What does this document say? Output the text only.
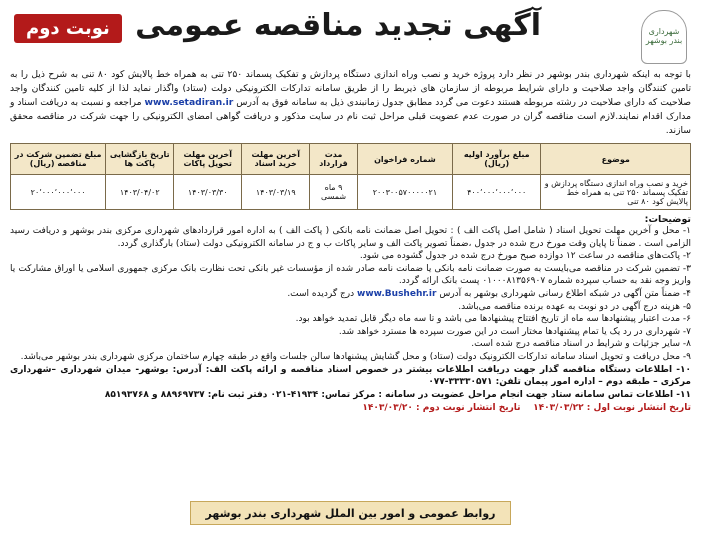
شهرداری بندر بوشهر
آگهی تجدید مناقصه عمومی
نوبت دوم
با توجه به اینکه شهرداری بندر بوشهر در نظر دارد پروژه خرید و نصب وراه اندازی دستگاه پردازش و تفکیک پسماند ۲۵۰ تنی به همراه خط پالایش کود ۸۰ تنی به شرح ذیل را به تامین کنندگان واجد صلاحیت و دارای شرایط مربوطه از سازمان های ذیربط را از طریق سامانه تدارکات الکترونیکی دولت (ستاد) واگذار نماید لذا از کلیه تامین کنندگان واجد صلاحیت که دارای صلاحیت در رشته مربوطه هستند دعوت می گردد مطابق جدول زمانبندی ذیل به سامانه فوق به آدرس www.setadiran.ir مراجعه و نسبت به دریافت اسناد و مدارک اقدام نمایند.لازم است مناقصه گران در صورت عدم عضویت قبلی مراحل ثبت نام در سایت مذکور و دریافت گواهی امضای الکترونیکی را جهت شرکت در مناقصه محقق سازند.
موضوع	مبلغ برآورد اولیه (ریال)	شماره فراخوان	مدت قرارداد	آخرین مهلت خرید اسناد	آخرین مهلت تحویل پاکات	تاریخ بازگشایی پاکت ها	مبلغ تضمین شرکت در مناقصه (ریال)
خرید و نصب وراه اندازی دستگاه پردازش و تفکیک پسماند ۲۵۰ تنی به همراه خط پالایش کود ۸۰ تنی	۴۰۰٬۰۰۰٬۰۰۰٬۰۰۰	۲۰۰۳۰۰۵۷۰۰۰۰۰۲۱	۹ ماه شمسی	۱۴۰۳/۰۳/۱۹	۱۴۰۳/۰۳/۳۰	۱۴۰۳/۰۴/۰۲	۲۰٬۰۰۰٬۰۰۰٬۰۰۰
توضیحات:

۱- محل و آخرین مهلت تحویل اسناد ( شامل اصل پاکت الف ) : تحویل اصل ضمانت نامه بانکی ( پاکت الف ) به اداره امور قراردادهای شهرداری مرکزی بندر بوشهر و دریافت رسید الزامی است . ضمناً تا پایان وقت مورخ درج شده در جدول ،ضمناً تصویر پاکت الف و سایر پاکات ب و ج در سامانه الکترونیکی دولت (ستاد) بارگذاری گردد.

۲- پاکت‌های مناقصه در ساعت ۱۲ دوازده صبح مورخ درج شده در جدول گشوده می شود.

۳- تضمین شرکت در مناقصه می‌بایست به صورت ضمانت نامه بانکی یا ضمانت نامه صادر شده از مؤسسات غیر بانکی تحت نظارت بانک مرکزی جمهوری اسلامی یا اوراق مشارکت یا واریز وجه نقد به حساب سپرده شماره ۰۱۰۰۰۸۱۳۵۶۹۰۷ پست بانک ارائه گردد.

۴- ضمناً متن آگهی در شبکه اطلاع رسانی شهرداری بوشهر به آدرس www.Bushehr.ir درج گردیده است.

۵- هزینه درج آگهی در دو نوبت به عهده برنده مناقصه می‌باشد.

۶- مدت اعتبار پیشنهادها سه ماه از تاریخ افتتاح پیشنهادها می باشد و تا سه ماه دیگر قابل تمدید خواهد بود.

۷- شهرداری در رد یک یا تمام پیشنهادها مختار است در این صورت سپرده ها مسترد خواهد شد.

۸- سایر جزئیات و شرایط در اسناد مناقصه درج شده است.

۹- محل دریافت و تحویل اسناد سامانه تدارکات الکترونیک دولت (ستاد) و محل گشایش پیشنهادها سالن جلسات واقع در طبقه چهارم ساختمان مرکزی شهرداری بندر بوشهر می‌باشد.

۱۰- اطلاعات دستگاه مناقصه گذار جهت دریافت اطلاعات بیشتر در خصوص اسناد مناقصه و ارائه پاکت الف: آدرس: بوشهر- میدان شهرداری –شهرداری مرکزی – طبقه دوم – اداره امور پیمان تلفن: ۳۳۳۳۰۵۷۱-۰۷۷

۱۱- اطلاعات تماس سامانه ستاد جهت انجام مراحل عضویت در سامانه : مرکز تماس: ۴۱۹۳۴-۰۲۱ دفتر ثبت نام: ۸۸۹۶۹۷۳۷ و ۸۵۱۹۳۷۶۸

تاریخ انتشار نوبت اول : ۱۴۰۳/۰۳/۲۲    تاریخ انتشار نوبت دوم : ۱۴۰۳/۰۳/۲۰
روابط عمومی و امور بین الملل شهرداری بندر بوشهر
